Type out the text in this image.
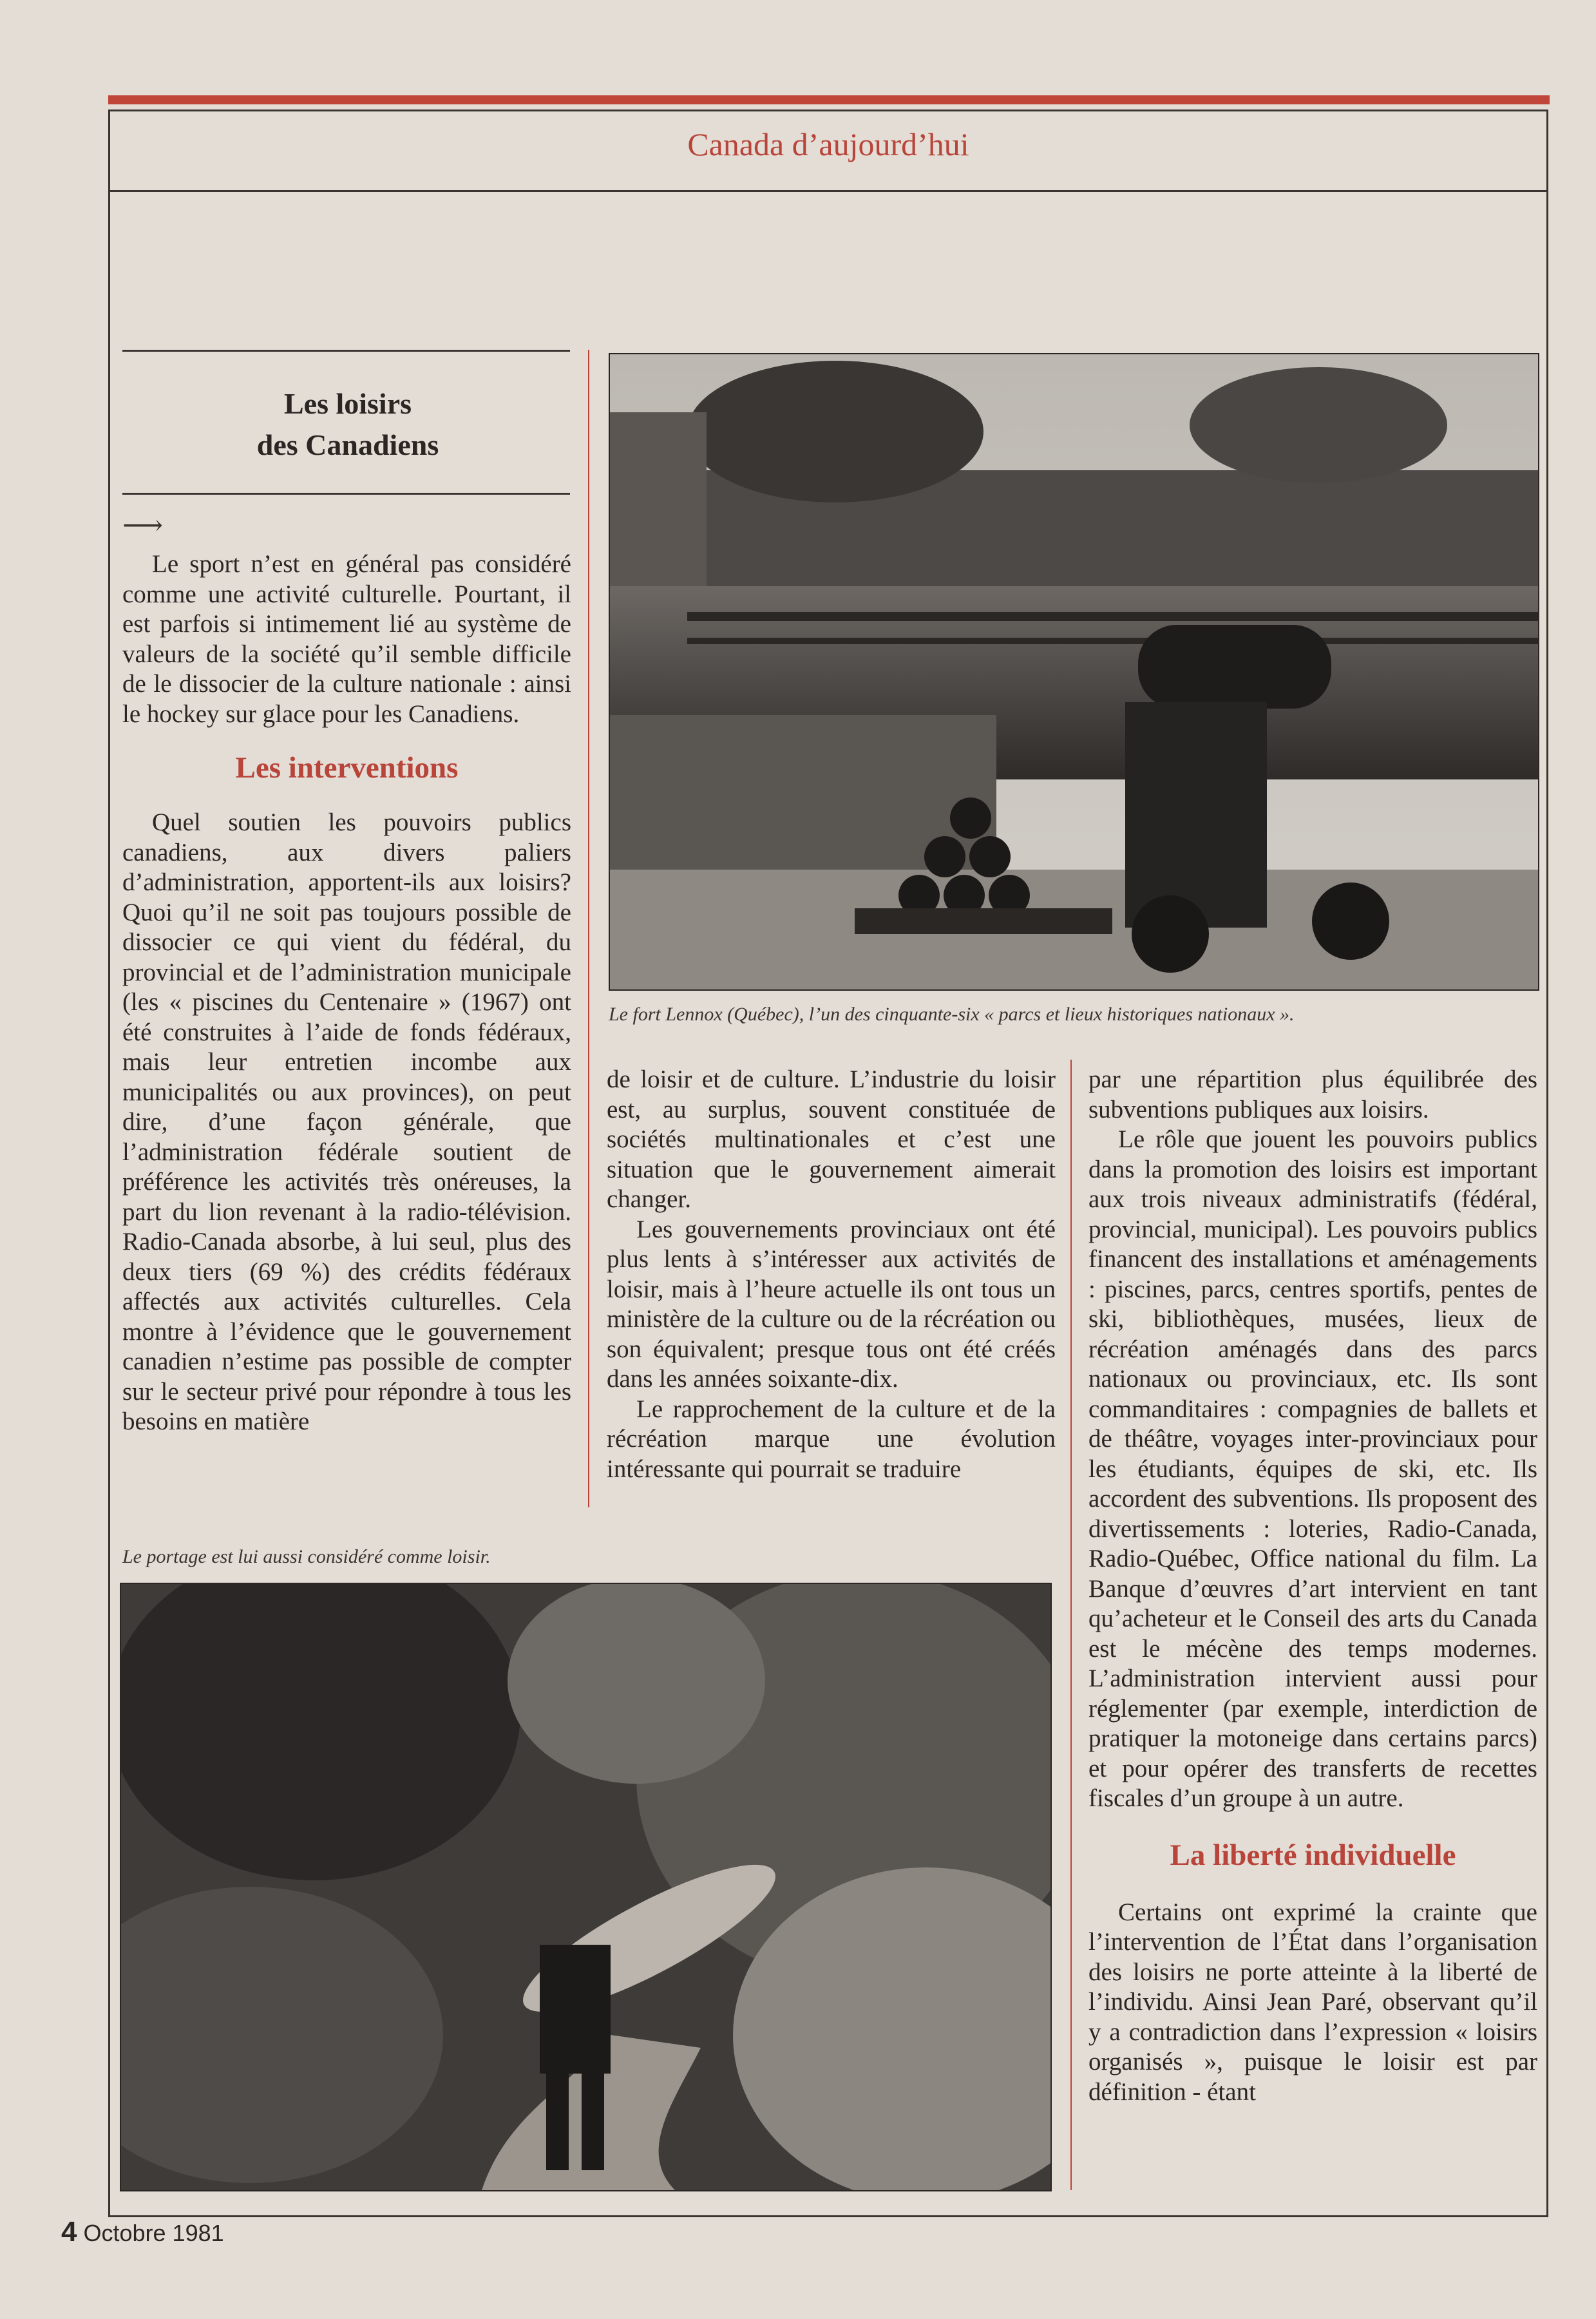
Canada d’aujourd’hui
Les loisirs
des Canadiens
⟶

Le sport n’est en général pas considéré comme une activité culturelle. Pourtant, il est parfois si intimement lié au système de valeurs de la société qu’il semble difficile de le dissocier de la culture nationale : ainsi le hockey sur glace pour les Canadiens.

Les interventions

Quel soutien les pouvoirs publics canadiens, aux divers paliers d’administration, apportent-ils aux loisirs? Quoi qu’il ne soit pas toujours possible de dissocier ce qui vient du fédéral, du provincial et de l’administration municipale (les « piscines du Centenaire » (1967) ont été construites à l’aide de fonds fédéraux, mais leur entretien incombe aux municipalités ou aux provinces), on peut dire, d’une façon générale, que l’administration fédérale soutient de préférence les activités très onéreuses, la part du lion revenant à la radio-télévision. Radio-Canada absorbe, à lui seul, plus des deux tiers (69 %) des crédits fédéraux affectés aux activités culturelles. Cela montre à l’évidence que le gouvernement canadien n’estime pas possible de compter sur le secteur privé pour répondre à tous les besoins en matière

Le fort Lennox (Québec), l’un des cinquante-six « parcs et lieux historiques nationaux ».

de loisir et de culture. L’industrie du loisir est, au surplus, souvent constituée de sociétés multinationales et c’est une situation que le gouvernement aimerait changer.

Les gouvernements provinciaux ont été plus lents à s’intéresser aux activités de loisir, mais à l’heure actuelle ils ont tous un ministère de la culture ou de la récréation ou son équivalent; presque tous ont été créés dans les années soixante-dix.

Le rapprochement de la culture et de la récréation marque une évolution intéressante qui pourrait se traduire

par une répartition plus équilibrée des subventions publiques aux loisirs.

Le rôle que jouent les pouvoirs publics dans la promotion des loisirs est important aux trois niveaux administratifs (fédéral, provincial, municipal). Les pouvoirs publics financent des installations et aménagements : piscines, parcs, centres sportifs, pentes de ski, bibliothèques, musées, lieux de récréation aménagés dans des parcs nationaux ou provinciaux, etc. Ils sont commanditaires : compagnies de ballets et de théâtre, voyages inter-provinciaux pour les étudiants, équipes de ski, etc. Ils accordent des subventions. Ils proposent des divertissements : loteries, Radio-Canada, Radio-Québec, Office national du film. La Banque d’œuvres d’art intervient en tant qu’acheteur et le Conseil des arts du Canada est le mécène des temps modernes. L’administration intervient aussi pour réglementer (par exemple, interdiction de pratiquer la motoneige dans certains parcs) et pour opérer des transferts de recettes fiscales d’un groupe à un autre.

La liberté individuelle

Certains ont exprimé la crainte que l’intervention de l’État dans l’organisation des loisirs ne porte atteinte à la liberté de l’individu. Ainsi Jean Paré, observant qu’il y a contradiction dans l’expression « loisirs organisés », puisque le loisir est par définition - étant

Le portage est lui aussi considéré comme loisir.
4 Octobre 1981
